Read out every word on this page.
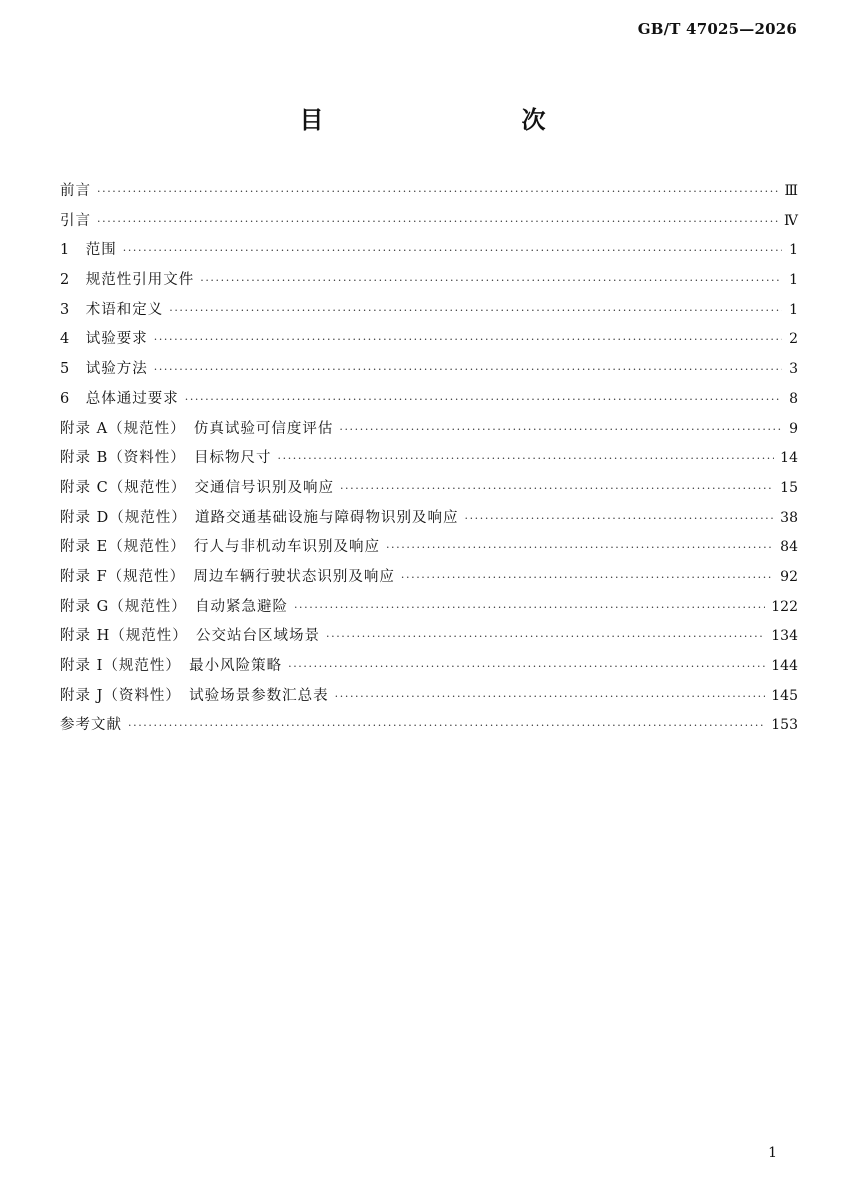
GB/T 47025—2026
目　　次
前言 ·····	Ⅲ
引言 ·····	Ⅳ
1　范围 ·····	1
2　规范性引用文件 ·····	1
3　术语和定义 ·····	1
4　试验要求 ·····	2
5　试验方法 ·····	3
6　总体通过要求 ·····	8
附录 A（规范性）　仿真试验可信度评估 ·····	9
附录 B（资料性）　目标物尺寸 ·····	14
附录 C（规范性）　交通信号识别及响应 ·····	15
附录 D（规范性）　道路交通基础设施与障碍物识别及响应 ·····	38
附录 E（规范性）　行人与非机动车识别及响应 ·····	84
附录 F（规范性）　周边车辆行驶状态识别及响应 ·····	92
附录 G（规范性）　自动紧急避险 ·····	122
附录 H（规范性）　公交站台区域场景 ·····	134
附录 I（规范性）　最小风险策略 ·····	144
附录 J（资料性）　试验场景参数汇总表 ·····	145
参考文献 ·····	153
1
